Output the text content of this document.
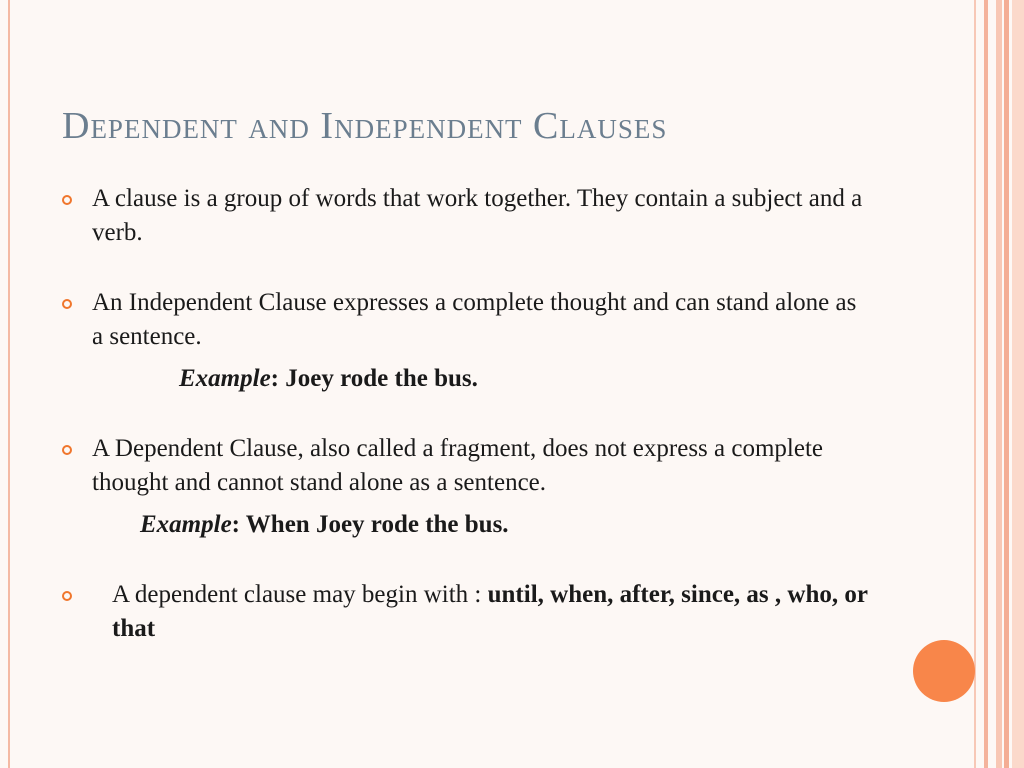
Dependent and Independent Clauses
A clause is a group of words that work together. They contain a subject and a verb.
An Independent Clause expresses a complete thought and can stand alone as a sentence.
Example: Joey rode the bus.
A Dependent Clause, also called a fragment, does not express a complete thought and cannot stand alone as a sentence.
Example: When Joey rode the bus.
A dependent clause may begin with : until, when, after, since, as , who, or that
